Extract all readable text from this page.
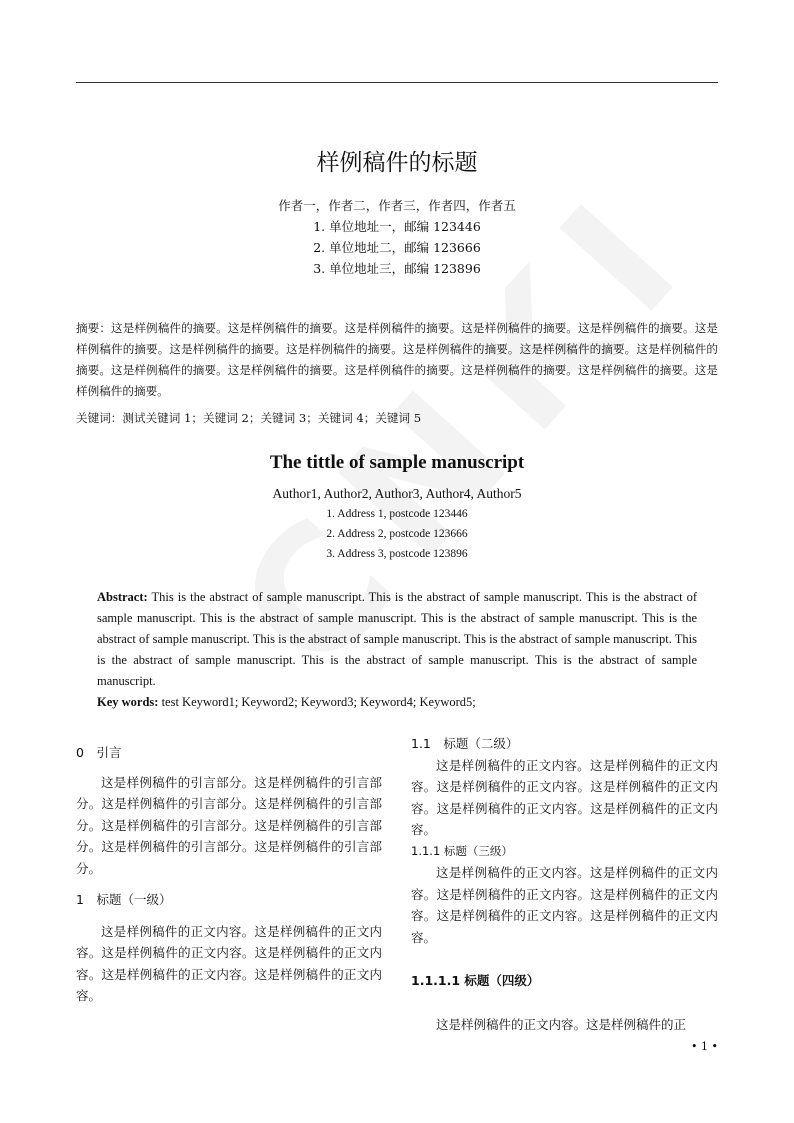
样例稿件的标题
作者一，作者二，作者三，作者四，作者五
1. 单位地址一，邮编 123446
2. 单位地址二，邮编 123666
3. 单位地址三，邮编 123896
摘要：这是样例稿件的摘要。这是样例稿件的摘要。这是样例稿件的摘要。这是样例稿件的摘要。这是样例稿件的摘要。这是样例稿件的摘要。这是样例稿件的摘要。这是样例稿件的摘要。这是样例稿件的摘要。这是样例稿件的摘要。这是样例稿件的摘要。这是样例稿件的摘要。这是样例稿件的摘要。这是样例稿件的摘要。这是样例稿件的摘要。这是样例稿件的摘要。这是样例稿件的摘要。
关键词：测试关键词 1；关键词 2；关键词 3；关键词 4；关键词 5
The tittle of sample manuscript
Author1, Author2, Author3, Author4, Author5
1. Address 1, postcode 123446
2. Address 2, postcode 123666
3. Address 3, postcode 123896
Abstract: This is the abstract of sample manuscript. This is the abstract of sample manuscript. This is the abstract of sample manuscript. This is the abstract of sample manuscript. This is the abstract of sample manuscript. This is the abstract of sample manuscript. This is the abstract of sample manuscript. This is the abstract of sample manuscript. This is the abstract of sample manuscript. This is the abstract of sample manuscript. This is the abstract of sample manuscript.
Key words: test Keyword1; Keyword2; Keyword3; Keyword4; Keyword5;
0　引言
这是样例稿件的引言部分。这是样例稿件的引言部分。这是样例稿件的引言部分。这是样例稿件的引言部分。这是样例稿件的引言部分。这是样例稿件的引言部分。这是样例稿件的引言部分。这是样例稿件的引言部分。
1　标题（一级）
这是样例稿件的正文内容。这是样例稿件的正文内容。这是样例稿件的正文内容。这是样例稿件的正文内容。这是样例稿件的正文内容。这是样例稿件的正文内容。
1.1　标题（二级）
这是样例稿件的正文内容。这是样例稿件的正文内容。这是样例稿件的正文内容。这是样例稿件的正文内容。这是样例稿件的正文内容。这是样例稿件的正文内容。
1.1.1 标题（三级）
这是样例稿件的正文内容。这是样例稿件的正文内容。这是样例稿件的正文内容。这是样例稿件的正文内容。这是样例稿件的正文内容。这是样例稿件的正文内容。
1.1.1.1 标题（四级）
这是样例稿件的正文内容。这是样例稿件的正
• 1 •
